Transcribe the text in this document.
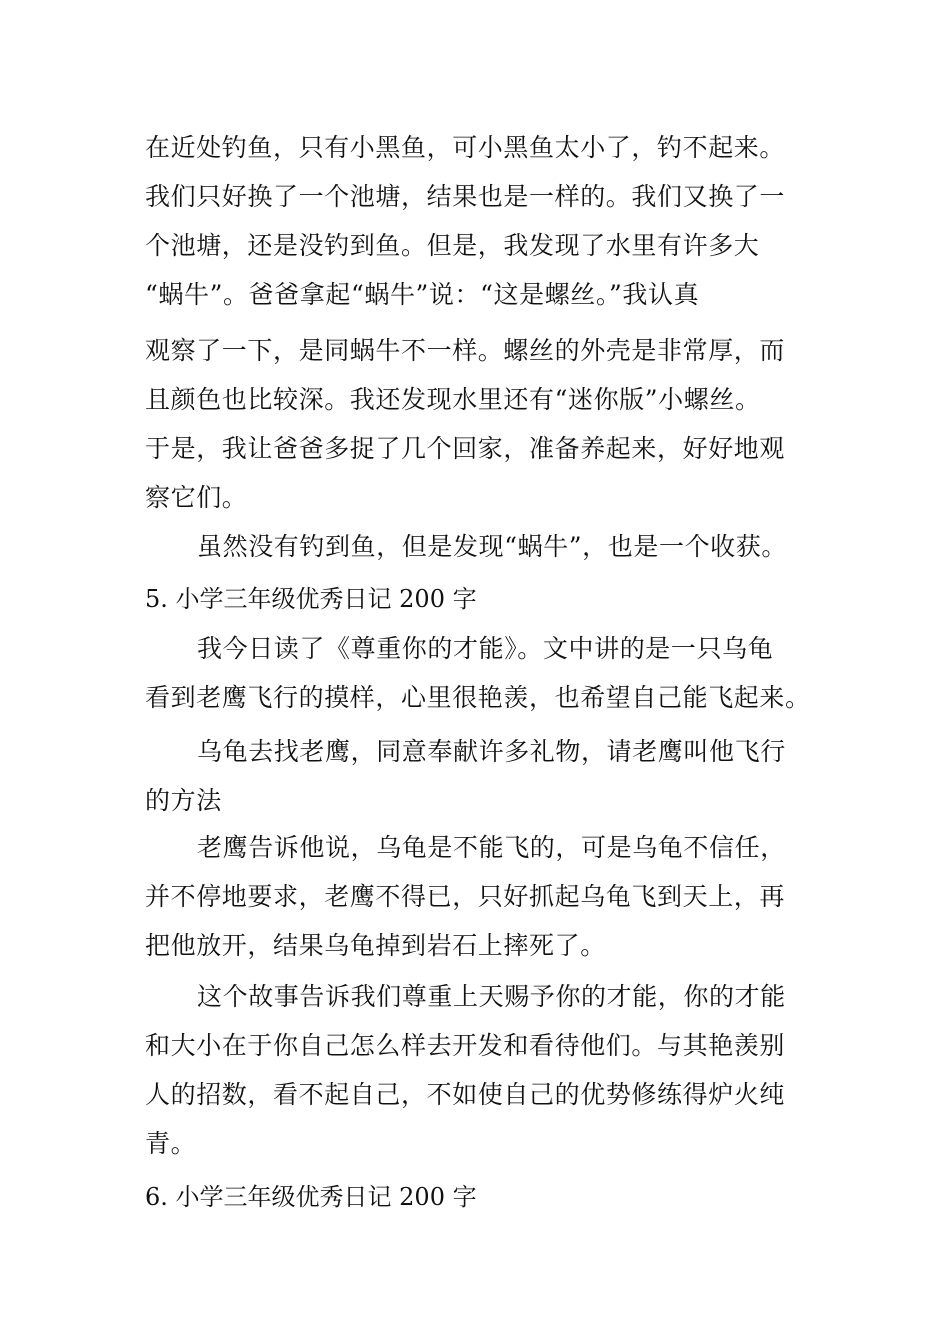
在近处钓鱼，只有小黑鱼，可小黑鱼太小了，钓不起来。
我们只好换了一个池塘，结果也是一样的。我们又换了一
个池塘，还是没钓到鱼。但是，我发现了水里有许多大
“蜗牛”。爸爸拿起“蜗牛”说：“这是螺丝。”我认真
观察了一下，是同蜗牛不一样。螺丝的外壳是非常厚，而
且颜色也比较深。我还发现水里还有“迷你版”小螺丝。
于是，我让爸爸多捉了几个回家，准备养起来，好好地观
察它们。
虽然没有钓到鱼，但是发现“蜗牛”，也是一个收获。
5. 小学三年级优秀日记 200 字
我今日读了《尊重你的才能》。文中讲的是一只乌龟
看到老鹰飞行的摸样，心里很艳羡，也希望自己能飞起来。
乌龟去找老鹰，同意奉献许多礼物，请老鹰叫他飞行
的方法
老鹰告诉他说，乌龟是不能飞的，可是乌龟不信任，
并不停地要求，老鹰不得已，只好抓起乌龟飞到天上，再
把他放开，结果乌龟掉到岩石上摔死了。
这个故事告诉我们尊重上天赐予你的才能，你的才能
和大小在于你自己怎么样去开发和看待他们。与其艳羡别
人的招数，看不起自己，不如使自己的优势修练得炉火纯
青。
6. 小学三年级优秀日记 200 字
